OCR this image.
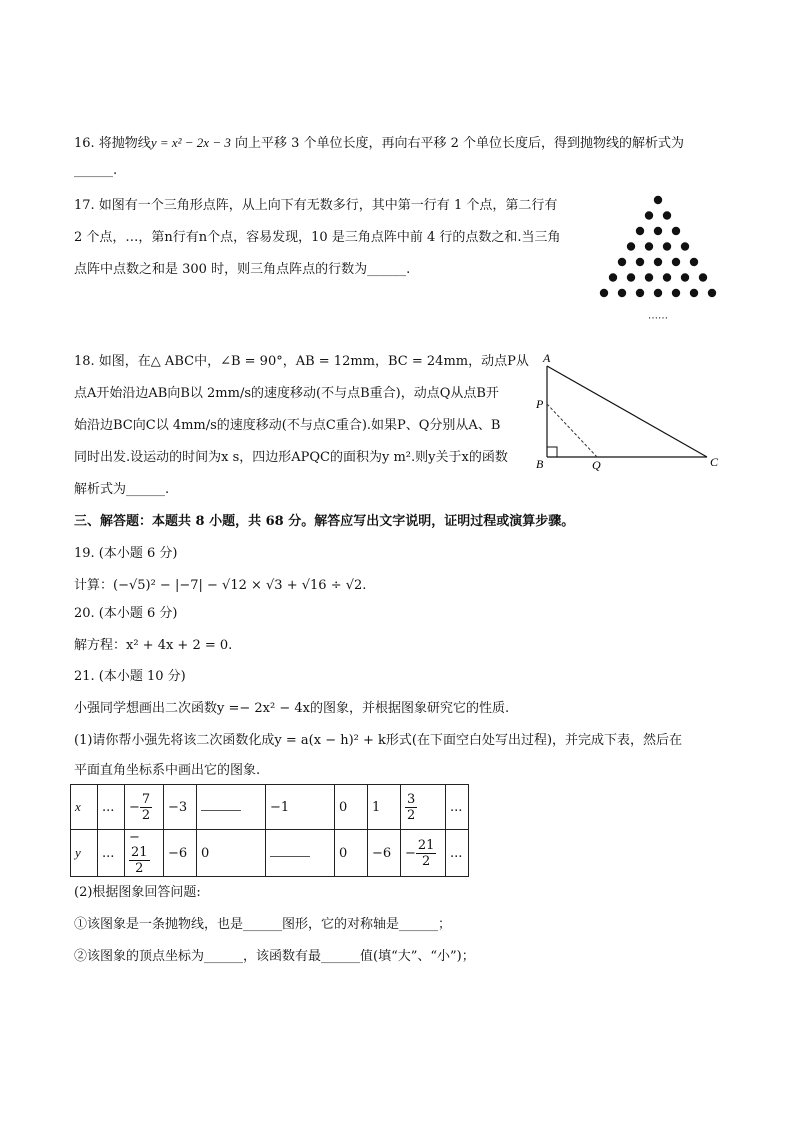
16. 将抛物线y = x² − 2x − 3 向上平移 3 个单位长度，再向右平移 2 个单位长度后，得到抛物线的解析式为
______.
17. 如图有一个三角形点阵，从上向下有无数多行，其中第一行有 1 个点，第二行有
2 个点，…，第n行有n个点，容易发现，10 是三角点阵中前 4 行的点数之和.当三角
点阵中点数之和是 300 时，则三角点阵点的行数为______.
……
18. 如图，在△ ABC中，∠B = 90°，AB = 12mm，BC = 24mm，动点P从
点A开始沿边AB向B以 2mm/s的速度移动(不与点B重合)，动点Q从点B开
始沿边BC向C以 4mm/s的速度移动(不与点C重合).如果P、Q分别从A、B
同时出发.设运动的时间为x s，四边形APQC的面积为y m².则y关于x的函数
解析式为______.
A
B	C
P
Q
三、解答题：本题共 8 小题，共 68 分。解答应写出文字说明，证明过程或演算步骤。
19. (本小题 6 分)
计算：(−√5)² − |−7| − √12 × √3 + √16 ÷ √2.
20. (本小题 6 分)
解方程：x² + 4x + 2 = 0.
21. (本小题 10 分)
小强同学想画出二次函数y =− 2x² − 4x的图象，并根据图象研究它的性质.
(1)请你帮小强先将该二次函数化成y = a(x − h)² + k形式(在下面空白处写出过程)，并完成下表，然后在
平面直角坐标系中画出它的图象.
x	...	− $\frac{7}{2}$	−3		−1	0	1	$\frac{3}{2}$	...
y	...	−
$\frac{21}{2}$	−6	0		0	−6	− $\frac{21}{2}$	...
(2)根据图象回答问题:
①该图象是一条抛物线，也是______图形，它的对称轴是______；
②该图象的顶点坐标为______，该函数有最______值(填“大”、“小”)；
